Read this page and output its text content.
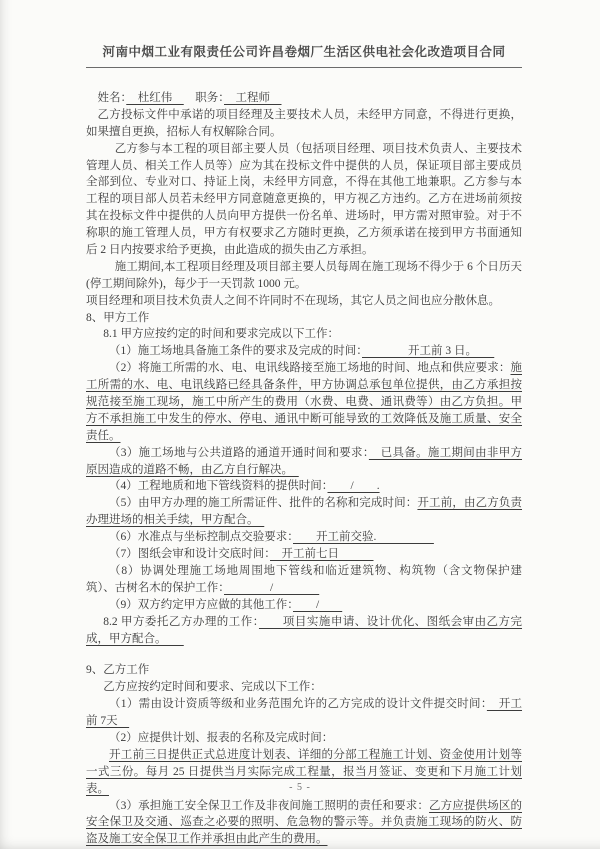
河南中烟工业有限责任公司许昌卷烟厂生活区供电社会化改造项目合同

姓名：　杜红伟　　职务：　工程师　

乙方投标文件中承诺的项目经理及主要技术人员，未经甲方同意，不得进行更换，如果擅自更换，招标人有权解除合同。

乙方参与本工程的项目部主要人员（包括项目经理、项目技术负责人、主要技术管理人员、相关工作人员等）应为其在投标文件中提供的人员，保证项目部主要成员全部到位、专业对口、持证上岗，未经甲方同意，不得在其他工地兼职。乙方参与本工程的项目部人员若未经甲方同意随意更换的，甲方视乙方违约。乙方在进场前须按其在投标文件中提供的人员向甲方提供一份名单、进场时，甲方需对照审验。对于不称职的施工管理人员，甲方有权要求乙方随时更换，乙方须承诺在接到甲方书面通知后 2 日内按要求给予更换，由此造成的损失由乙方承担。

施工期间,本工程项目经理及项目部主要人员每周在施工现场不得少于 6 个日历天(停工期间除外)，每少于一天罚款 1000 元。

项目经理和项目技术负责人之间不许同时不在现场，其它人员之间也应分散休息。

8、甲方工作

8.1 甲方应按约定的时间和要求完成以下工作：

（1）施工场地具备施工条件的要求及完成的时间：　　　　开工前 3 日。　　

（2）将施工所需的水、电、电讯线路接至施工场地的时间、地点和供应要求：施工所需的水、电、电讯线路已经具备条件，甲方协调总承包单位提供，由乙方承担按规范接至施工现场，施工中所产生的费用（水费、电费、通讯费等）由乙方负担。甲方不承担施工中发生的停水、停电、通讯中断可能导致的工效降低及施工质量、安全责任。

（3）施工场地与公共道路的通道开通时间和要求：　已具备。施工期间由非甲方原因造成的道路不畅，由乙方自行解决。　

（4）工程地质和地下管线资料的提供时间：　　/　　.

（5）由甲方办理的施工所需证件、批件的名称和完成时间：开工前，由乙方负责办理进场的相关手续，甲方配合。　

（6）水准点与坐标控制点交验要求：　　开工前交验.　　　　　

（7）图纸会审和设计交底时间：　开工前七日　　　

（8）协调处理施工场地周围地下管线和临近建筑物、构筑物（含文物保护建筑）、古树名木的保护工作：　　　　/　　　　

（9）双方约定甲方应做的其他工作：　　/　　

8.2 甲方委托乙方办理的工作：　　项目实施申请、设计优化、图纸会审由乙方完成，甲方配合。　　

9、乙方工作

乙方应按约定时间和要求、完成以下工作：

（1）需由设计资质等级和业务范围允许的乙方完成的设计文件提交时间：　开工前 7天　

（2）应提供计划、报表的名称及完成时间：

开工前三日提供正式总进度计划表、详细的分部工程施工计划、资金使用计划等一式三份。每月 25 日提供当月实际完成工程量，报当月签证、变更和下月施工计划表。

（3）承担施工安全保卫工作及非夜间施工照明的责任和要求：乙方应提供场区的安全保卫及交通、巡查之必要的照明、危急物的警示等。并负责施工现场的防火、防盗及施工安全保卫工作并承担由此产生的费用。

- 5 -
